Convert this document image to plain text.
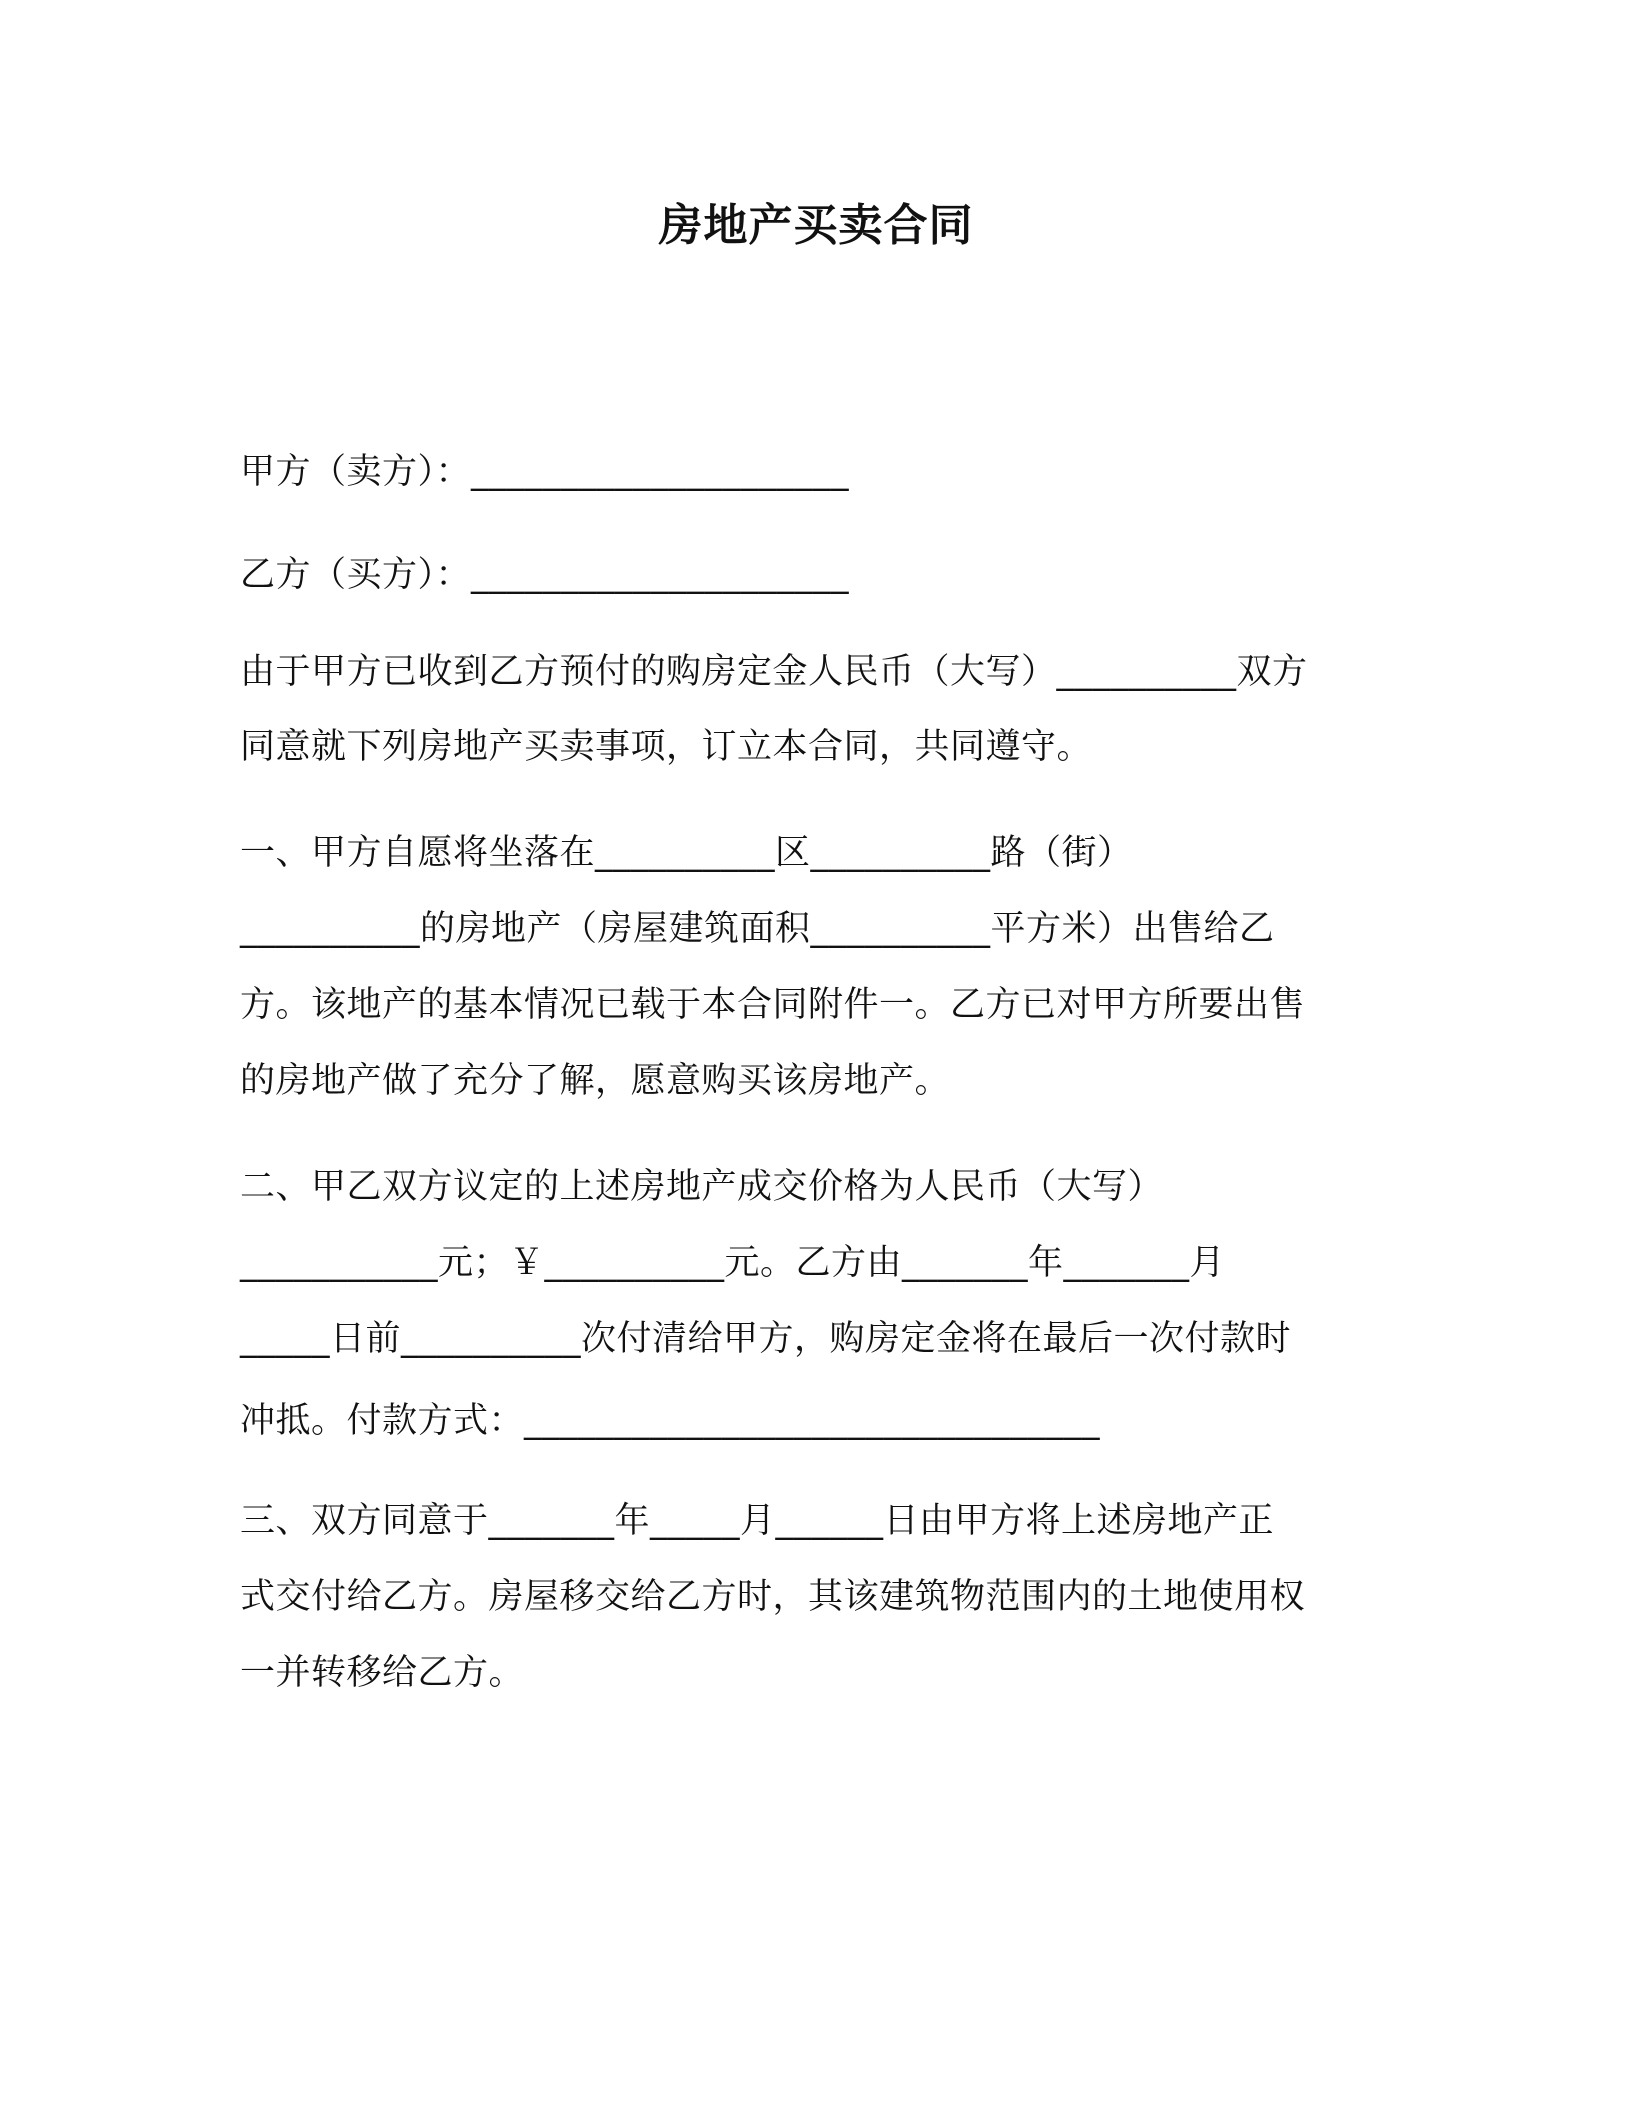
房地产买卖合同
甲方（卖方）：_____________________
乙方（买方）：_____________________
由于甲方已收到乙方预付的购房定金人民币（大写）__________双方
同意就下列房地产买卖事项，订立本合同，共同遵守。
一、甲方自愿将坐落在__________区__________路（街）
__________的房地产（房屋建筑面积__________平方米）出售给乙
方。该地产的基本情况已载于本合同附件一。乙方已对甲方所要出售
的房地产做了充分了解，愿意购买该房地产。
二、甲乙双方议定的上述房地产成交价格为人民币（大写）
___________元；￥__________元。乙方由_______年_______月
_____日前__________次付清给甲方，购房定金将在最后一次付款时
冲抵。付款方式：________________________________
三、双方同意于_______年_____月______日由甲方将上述房地产正
式交付给乙方。房屋移交给乙方时，其该建筑物范围内的土地使用权
一并转移给乙方。
